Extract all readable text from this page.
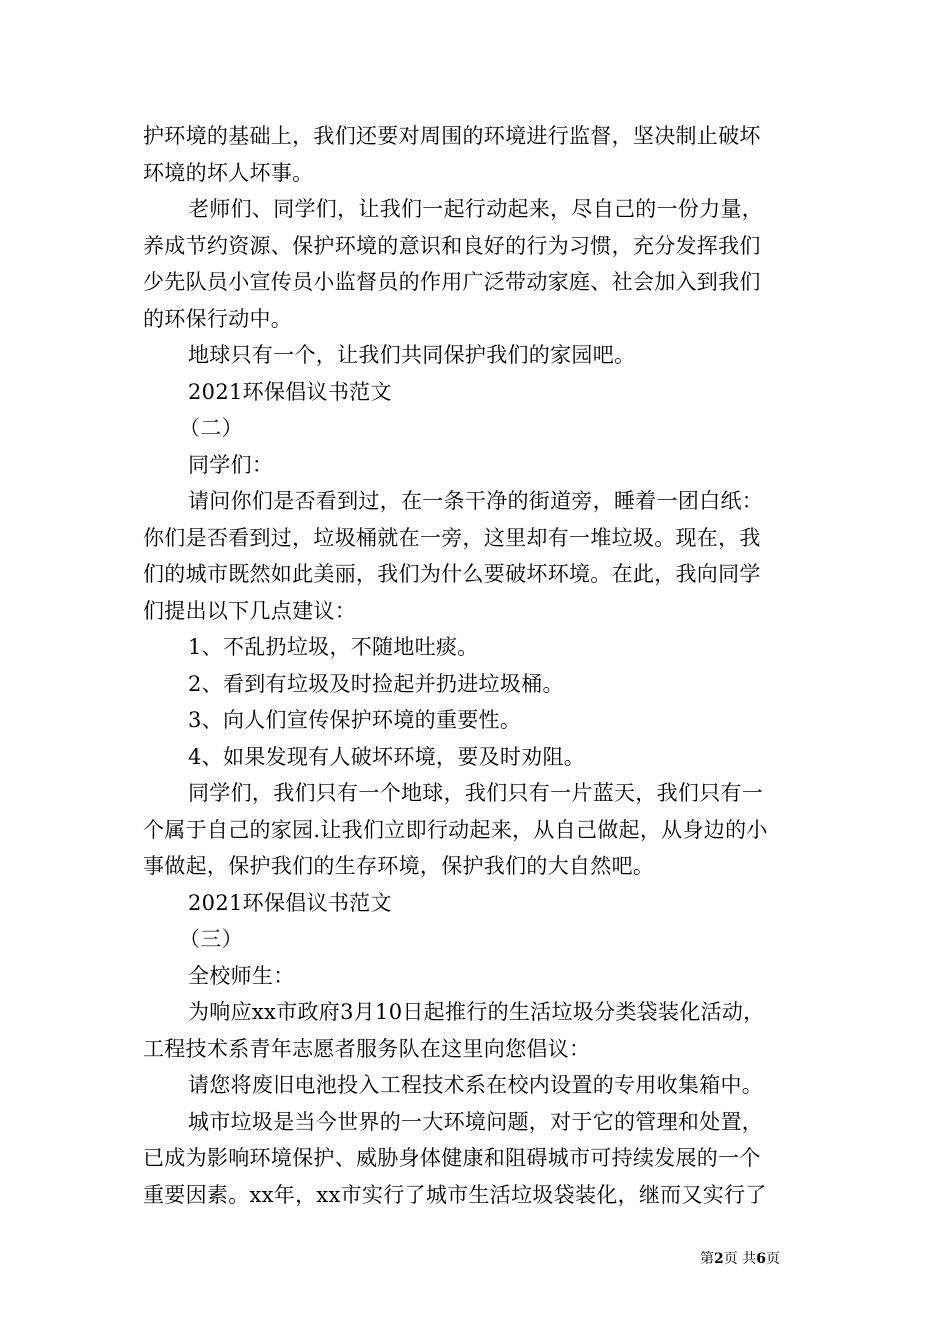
护环境的基础上，我们还要对周围的环境进行监督，坚决制止破坏
环境的坏人坏事。
老师们、同学们，让我们一起行动起来，尽自己的一份力量，
养成节约资源、保护环境的意识和良好的行为习惯，充分发挥我们
少先队员小宣传员小监督员的作用广泛带动家庭、社会加入到我们
的环保行动中。
地球只有一个，让我们共同保护我们的家园吧。
2021环保倡议书范文
（二）
同学们：
请问你们是否看到过，在一条干净的街道旁，睡着一团白纸：
你们是否看到过，垃圾桶就在一旁，这里却有一堆垃圾。现在，我
们的城市既然如此美丽，我们为什么要破坏环境。在此，我向同学
们提出以下几点建议：
1、不乱扔垃圾，不随地吐痰。
2、看到有垃圾及时捡起并扔进垃圾桶。
3、向人们宣传保护环境的重要性。
4、如果发现有人破坏环境，要及时劝阻。
同学们，我们只有一个地球，我们只有一片蓝天，我们只有一
个属于自己的家园.让我们立即行动起来，从自己做起，从身边的小
事做起，保护我们的生存环境，保护我们的大自然吧。
2021环保倡议书范文
（三）
全校师生：
为响应xx市政府3月10日起推行的生活垃圾分类袋装化活动，
工程技术系青年志愿者服务队在这里向您倡议：
请您将废旧电池投入工程技术系在校内设置的专用收集箱中。
城市垃圾是当今世界的一大环境问题，对于它的管理和处置，
已成为影响环境保护、威胁身体健康和阻碍城市可持续发展的一个
重要因素。xx年，xx市实行了城市生活垃圾袋装化，继而又实行了
第2页 共6页
